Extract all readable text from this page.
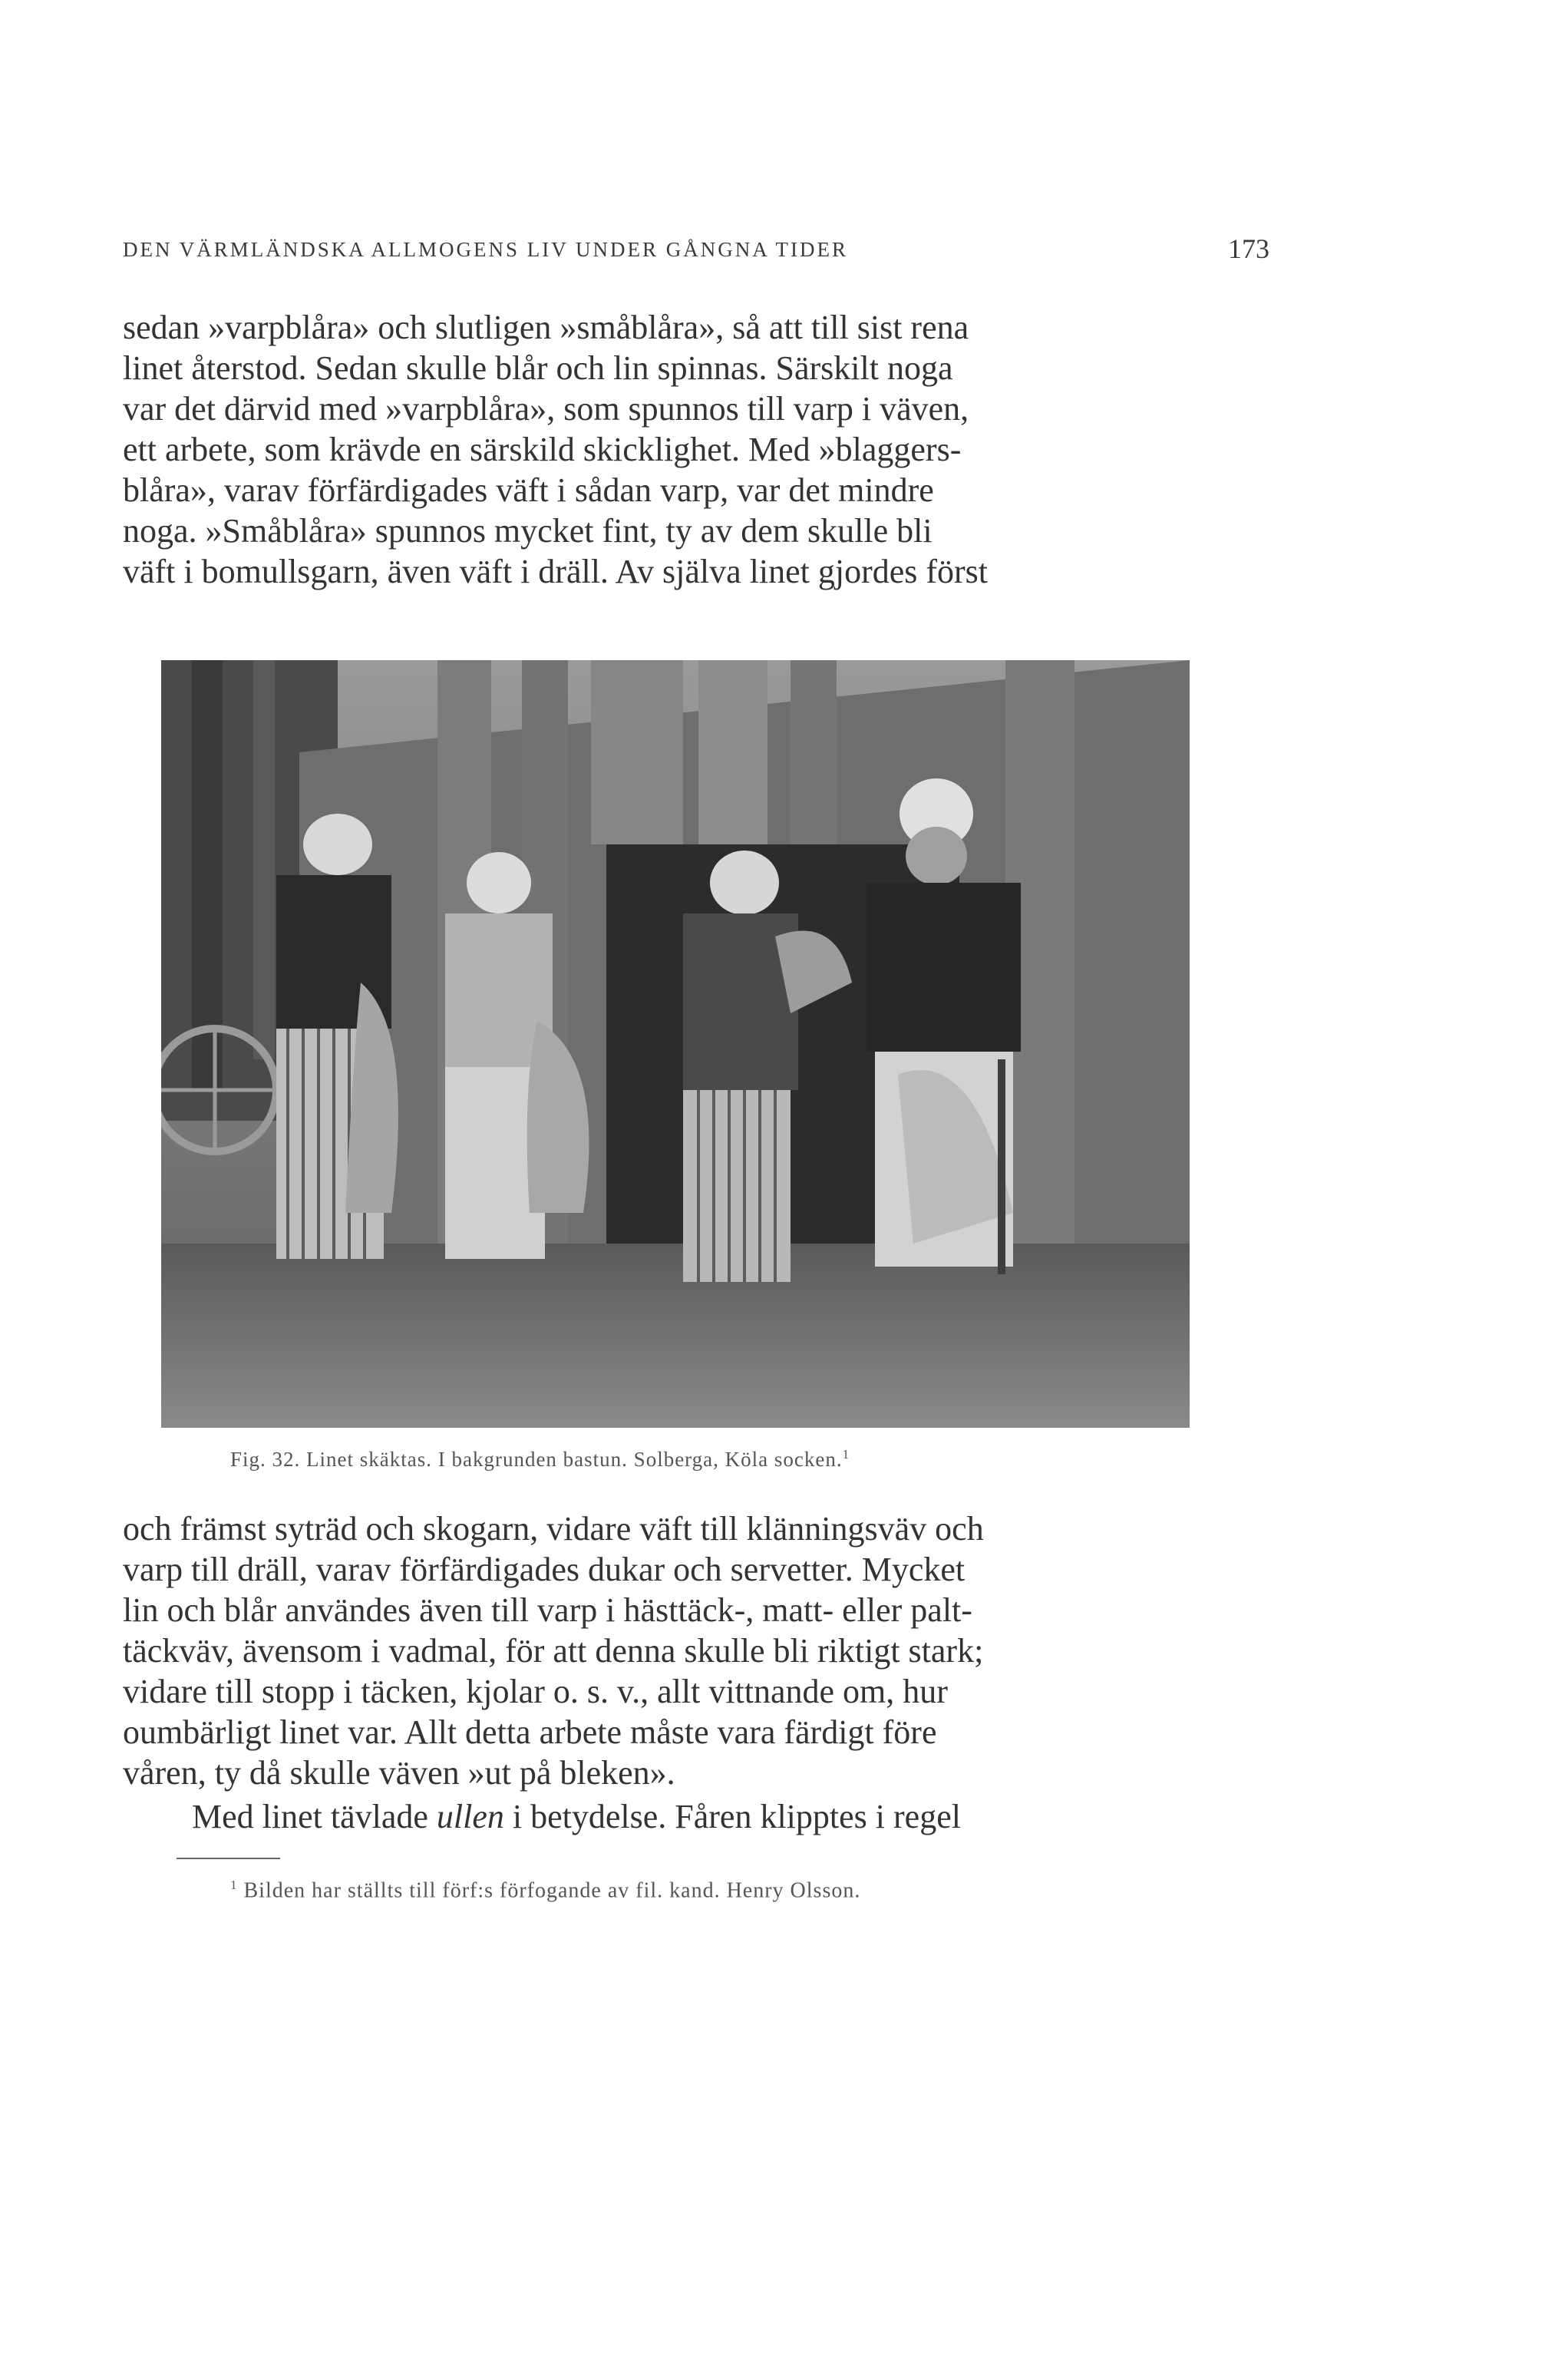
DEN VÄRMLÄNDSKA ALLMOGENS LIV UNDER GÅNGNA TIDER	173

sedan »varpblåra» och slutligen »småblåra», så att till sist rena
linet återstod. Sedan skulle blår och lin spinnas. Särskilt noga
var det därvid med »varpblåra», som spunnos till varp i väven,
ett arbete, som krävde en särskild skicklighet. Med »blaggers-
blåra», varav förfärdigades väft i sådan varp, var det mindre
noga. »Småblåra» spunnos mycket fint, ty av dem skulle bli
väft i bomullsgarn, även väft i dräll. Av själva linet gjordes först

Fig. 32. Linet skäktas. I bakgrunden bastun. Solberga, Köla socken.$^1$

och främst syträd och skogarn, vidare väft till klänningsväv och
varp till dräll, varav förfärdigades dukar och servetter. Mycket
lin och blår användes även till varp i hästtäck-, matt- eller palt-
täckväv, ävensom i vadmal, för att denna skulle bli riktigt stark;
vidare till stopp i täcken, kjolar o. s. v., allt vittnande om, hur
oumbärligt linet var. Allt detta arbete måste vara färdigt före
våren, ty då skulle väven »ut på bleken».

Med linet tävlade ullen i betydelse. Fåren klipptes i regel

$^1$ Bilden har ställts till förf:s förfogande av fil. kand. Henry Olsson.
